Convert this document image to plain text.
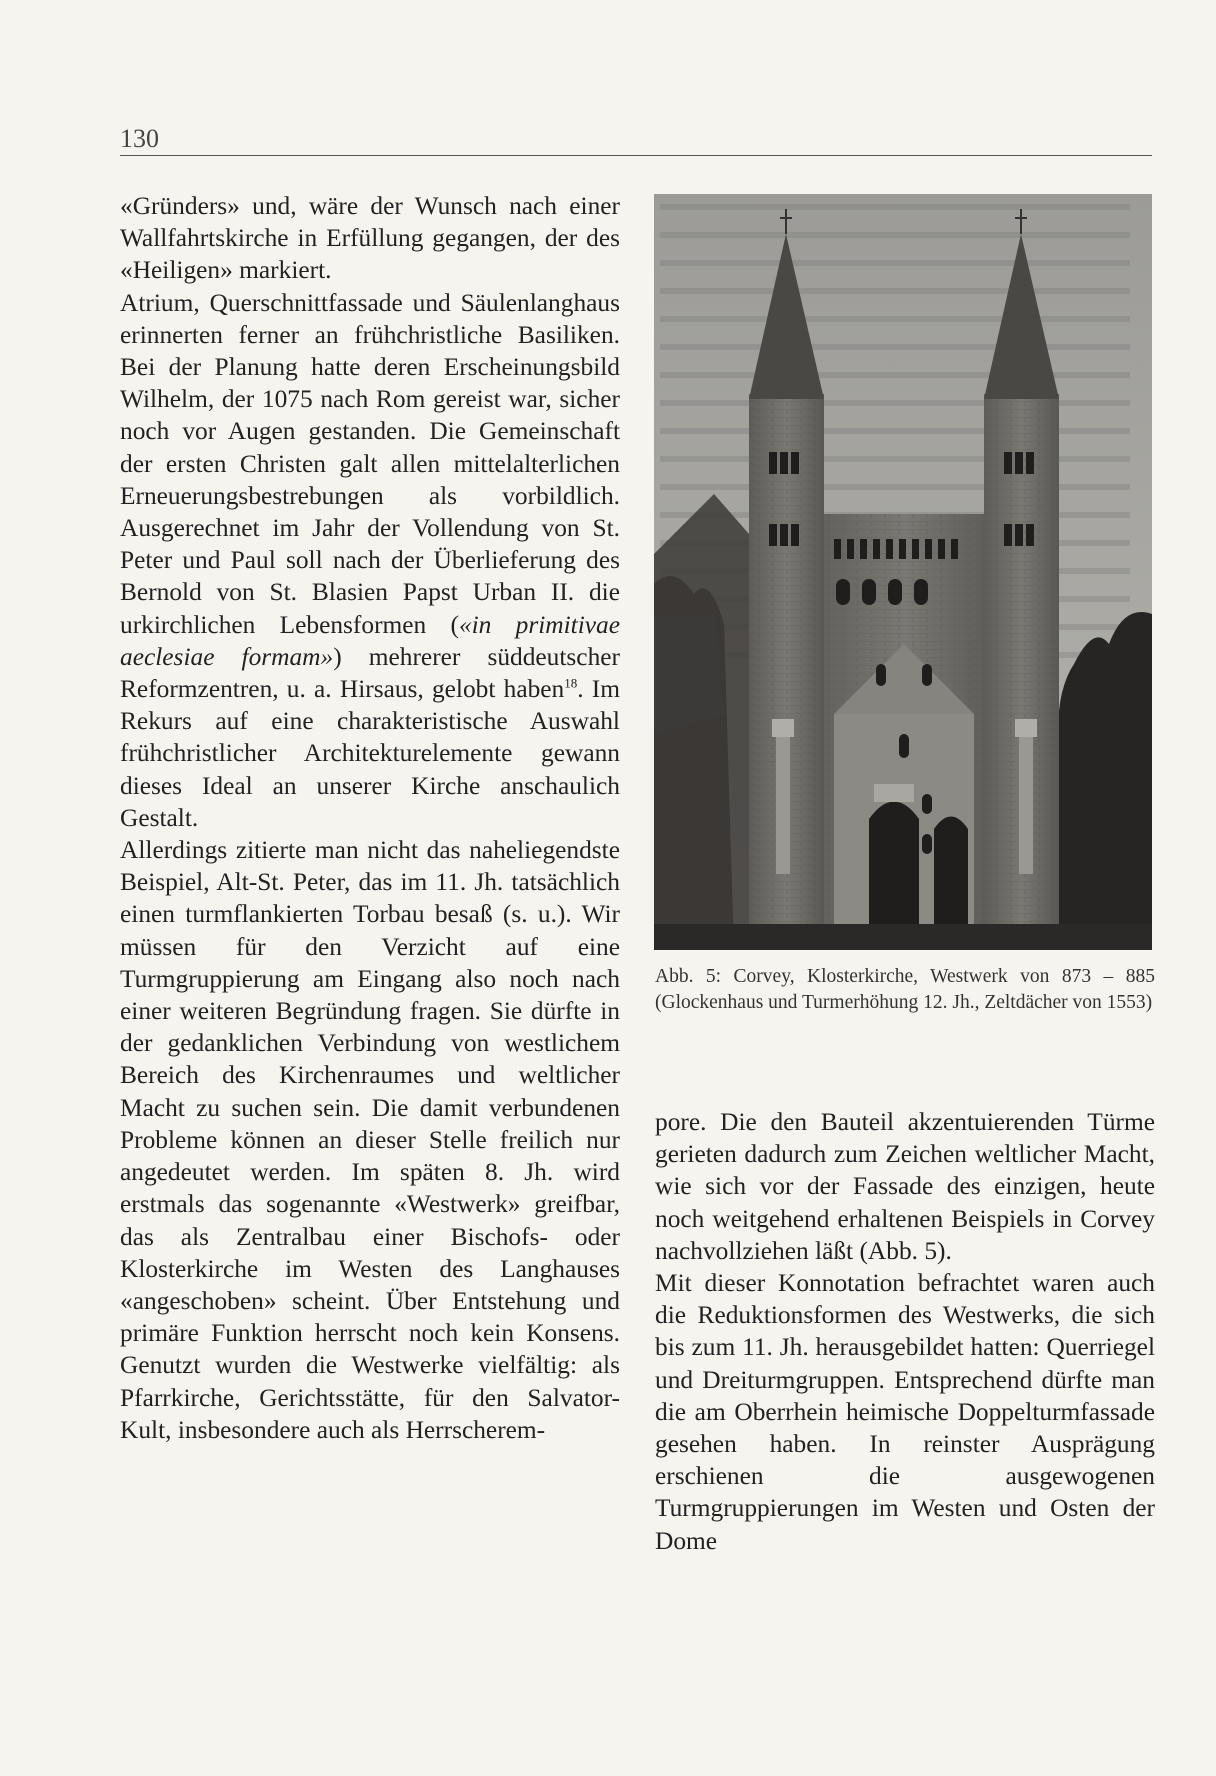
130

«Gründers» und, wäre der Wunsch nach einer Wallfahrtskirche in Erfüllung gegangen, der des «Heiligen» markiert.

Atrium, Querschnittfassade und Säulenlanghaus erinnerten ferner an frühchristliche Basiliken. Bei der Planung hatte deren Erscheinungsbild Wilhelm, der 1075 nach Rom gereist war, sicher noch vor Augen gestanden. Die Gemeinschaft der ersten Christen galt allen mittelalterlichen Erneuerungsbestrebungen als vorbildlich. Ausgerechnet im Jahr der Vollendung von St. Peter und Paul soll nach der Überlieferung des Bernold von St. Blasien Papst Urban II. die urkirchlichen Lebensformen («in primitivae aeclesiae formam») mehrerer süddeutscher Reformzentren, u. a. Hirsaus, gelobt haben$^{18}$. Im Rekurs auf eine charakteristische Auswahl frühchristlicher Architekturelemente gewann dieses Ideal an unserer Kirche anschaulich Gestalt.

Allerdings zitierte man nicht das naheliegendste Beispiel, Alt-St. Peter, das im 11. Jh. tatsächlich einen turmflankierten Torbau besaß (s. u.). Wir müssen für den Verzicht auf eine Turmgruppierung am Eingang also noch nach einer weiteren Begründung fragen. Sie dürfte in der gedanklichen Verbindung von westlichem Bereich des Kirchenraumes und weltlicher Macht zu suchen sein. Die damit verbundenen Probleme können an dieser Stelle freilich nur angedeutet werden. Im späten 8. Jh. wird erstmals das sogenannte «Westwerk» greifbar, das als Zentralbau einer Bischofs- oder Klosterkirche im Westen des Langhauses «angeschoben» scheint. Über Entstehung und primäre Funktion herrscht noch kein Konsens. Genutzt wurden die Westwerke vielfältig: als Pfarrkirche, Gerichtsstätte, für den Salvator-Kult, insbesondere auch als Herrscherem-

Abb. 5: Corvey, Klosterkirche, Westwerk von 873 – 885 (Glockenhaus und Turmerhöhung 12. Jh., Zeltdächer von 1553)

pore. Die den Bauteil akzentuierenden Türme gerieten dadurch zum Zeichen weltlicher Macht, wie sich vor der Fassade des einzigen, heute noch weitgehend erhaltenen Beispiels in Corvey nachvollziehen läßt (Abb. 5).

Mit dieser Konnotation befrachtet waren auch die Reduktionsformen des Westwerks, die sich bis zum 11. Jh. herausgebildet hatten: Querriegel und Dreiturmgruppen. Entsprechend dürfte man die am Oberrhein heimische Doppelturmfassade gesehen haben. In reinster Ausprägung erschienen die ausgewogenen Turmgruppierungen im Westen und Osten der Dome
